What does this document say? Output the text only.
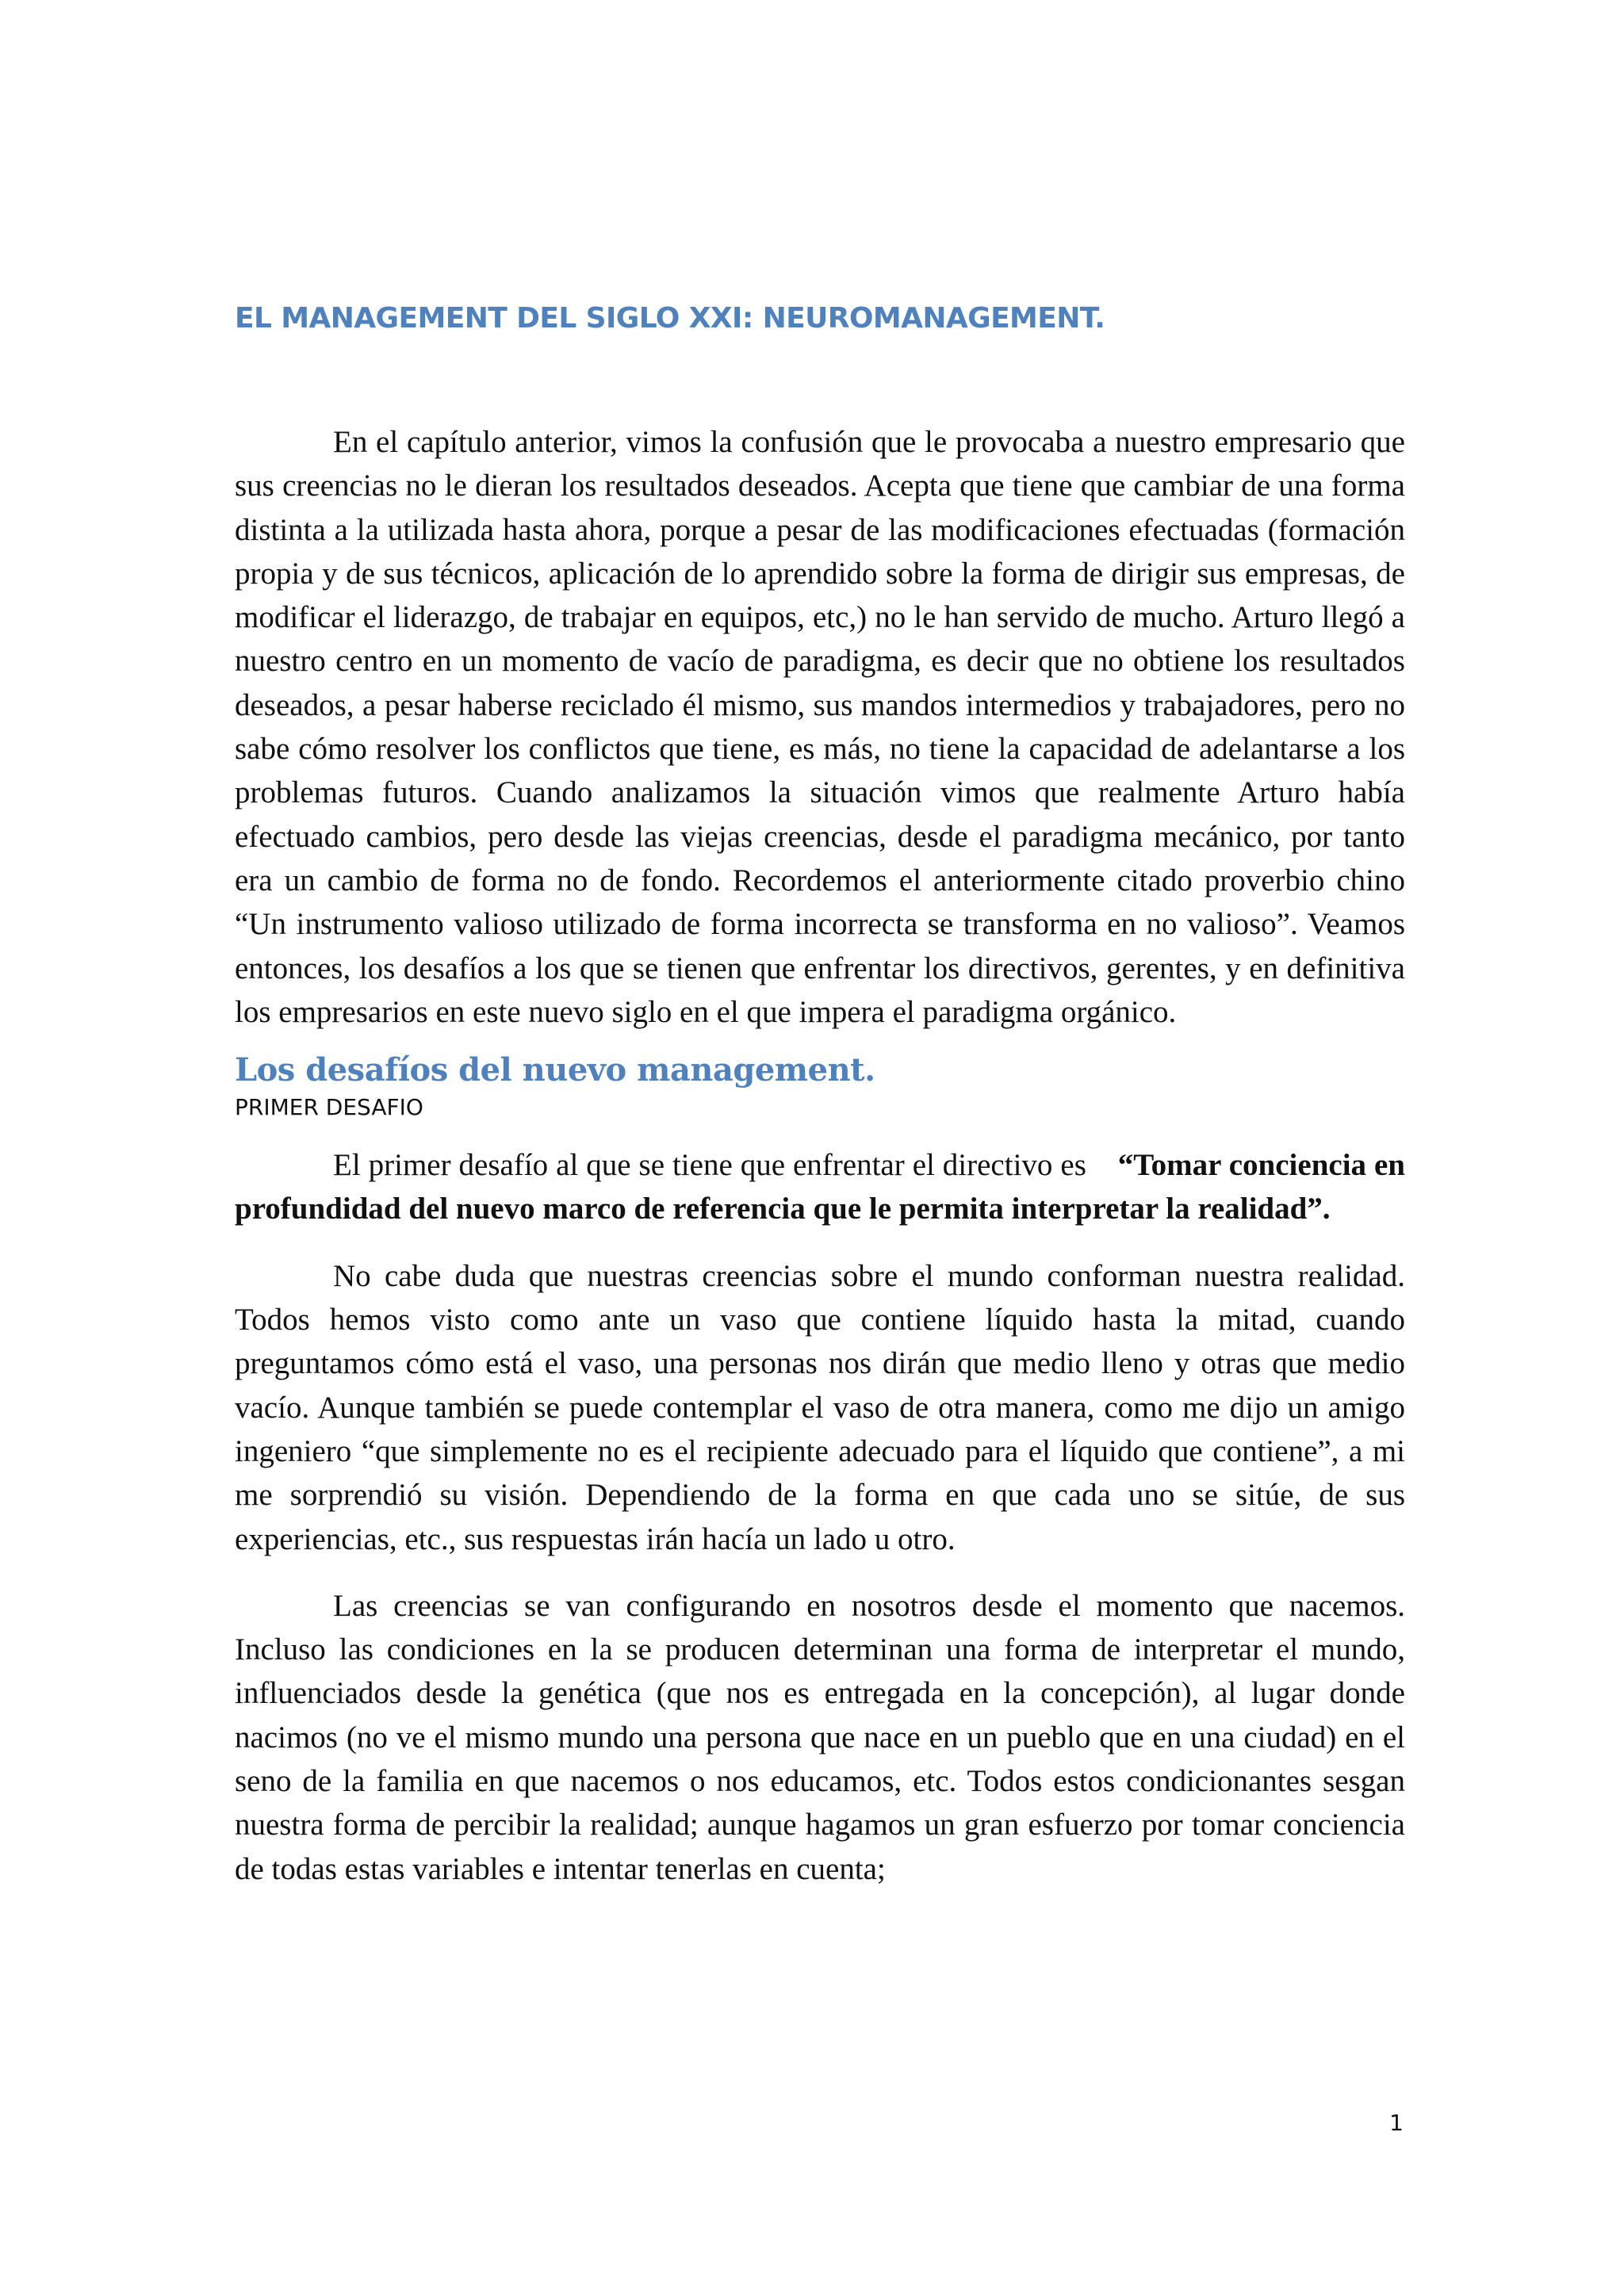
EL MANAGEMENT DEL SIGLO XXI: NEUROMANAGEMENT.

En el capítulo anterior, vimos la confusión que le provocaba a nuestro empresario que sus creencias no le dieran los resultados deseados. Acepta que tiene que cambiar de una forma distinta a la utilizada hasta ahora, porque a pesar de las modificaciones efectuadas (formación propia y de sus técnicos, aplicación de lo aprendido sobre la forma de dirigir sus empresas, de modificar el liderazgo, de trabajar en equipos, etc,) no le han servido de mucho. Arturo llegó a nuestro centro en un momento de vacío de paradigma, es decir que no obtiene los resultados deseados, a pesar haberse reciclado él mismo, sus mandos intermedios y trabajadores, pero no sabe cómo resolver los conflictos que tiene, es más, no tiene la capacidad de adelantarse a los problemas futuros. Cuando analizamos la situación vimos que realmente Arturo había efectuado cambios, pero desde las viejas creencias, desde el paradigma mecánico, por tanto era un cambio de forma no de fondo. Recordemos el anteriormente citado proverbio chino “Un instrumento valioso utilizado de forma incorrecta se transforma en no valioso”. Veamos entonces, los desafíos a los que se tienen que enfrentar los directivos, gerentes, y en definitiva los empresarios en este nuevo siglo en el que impera el paradigma orgánico.

Los desafíos del nuevo management.
PRIMER DESAFIO

El primer desafío al que se tiene que enfrentar el directivo es “Tomar conciencia en profundidad del nuevo marco de referencia que le permita interpretar la realidad”.

No cabe duda que nuestras creencias sobre el mundo conforman nuestra realidad. Todos hemos visto como ante un vaso que contiene líquido hasta la mitad, cuando preguntamos cómo está el vaso, una personas nos dirán que medio lleno y otras que medio vacío. Aunque también se puede contemplar el vaso de otra manera, como me dijo un amigo ingeniero “que simplemente no es el recipiente adecuado para el líquido que contiene”, a mi me sorprendió su visión. Dependiendo de la forma en que cada uno se sitúe, de sus experiencias, etc., sus respuestas irán hacía un lado u otro.

Las creencias se van configurando en nosotros desde el momento que nacemos. Incluso las condiciones en la se producen determinan una forma de interpretar el mundo, influenciados desde la genética (que nos es entregada en la concepción), al lugar donde nacimos (no ve el mismo mundo una persona que nace en un pueblo que en una ciudad) en el seno de la familia en que nacemos o nos educamos, etc. Todos estos condicionantes sesgan nuestra forma de percibir la realidad; aunque hagamos un gran esfuerzo por tomar conciencia de todas estas variables e intentar tenerlas en cuenta;

1
